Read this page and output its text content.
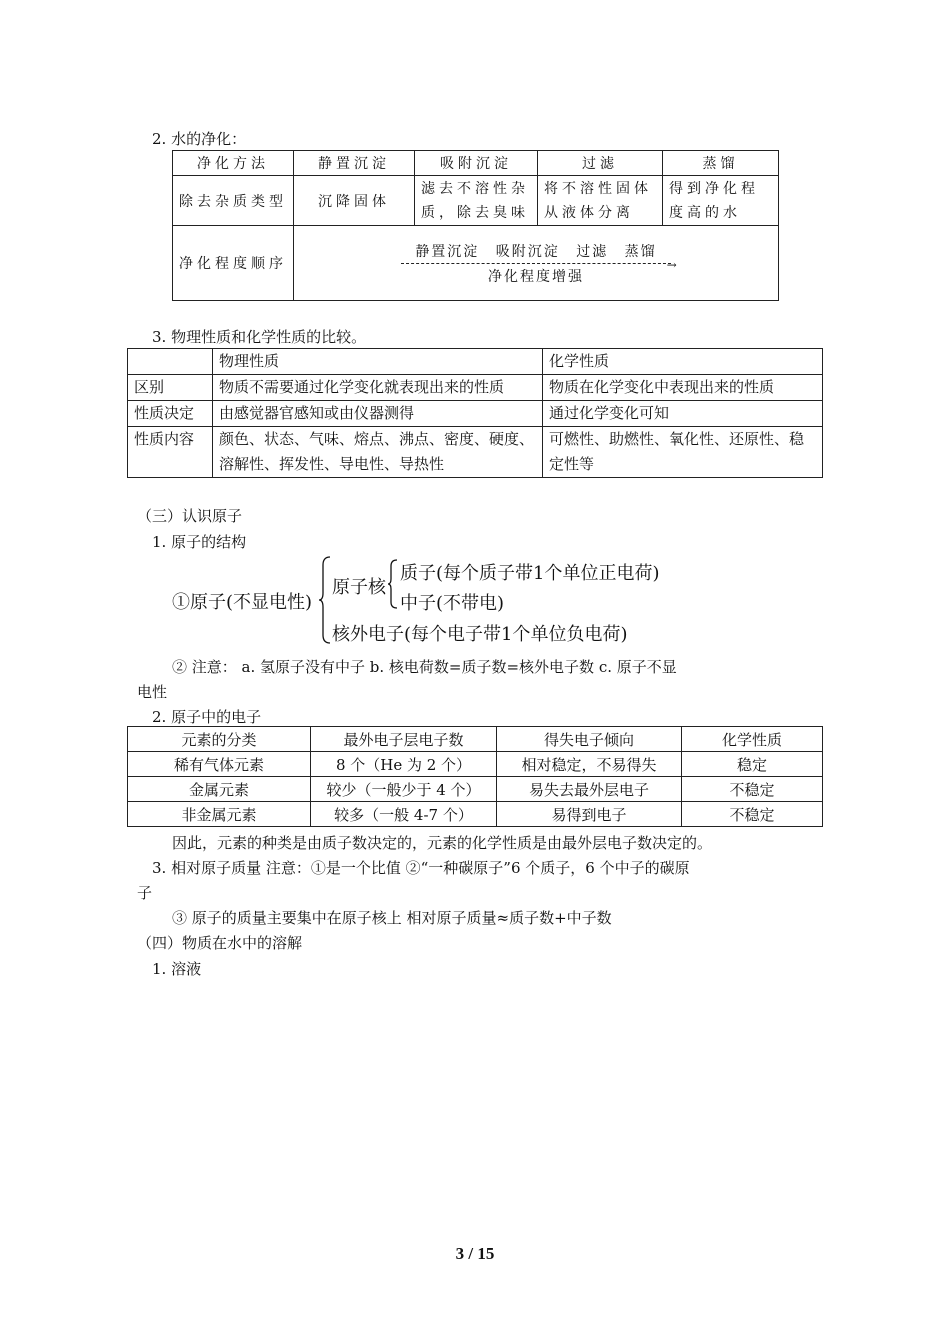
2. 水的净化：
净化方法	静置沉淀	吸附沉淀	过滤	蒸馏
除去杂质类型	沉降固体	滤去不溶性杂质，除去臭味	将不溶性固体从液体分离	得到净化程度高的水
净化程度顺序	静置沉淀 吸附沉淀 过滤 蒸馏
→
净化程度增强			
3. 物理性质和化学性质的比较。
	物理性质	化学性质
区别	物质不需要通过化学变化就表现出来的性质	物质在化学变化中表现出来的性质
性质决定	由感觉器官感知或由仪器测得	通过化学变化可知
性质内容	颜色、状态、气味、熔点、沸点、密度、硬度、溶解性、挥发性、导电性、导热性	可燃性、助燃性、氧化性、还原性、稳定性等
（三）认识原子
1. 原子的结构
①原子(不显电性)
原子核
质子(每个质子带1个单位正电荷)
中子(不带电)
核外电子(每个电子带1个单位负电荷)
② 注意： a. 氢原子没有中子 b. 核电荷数=质子数=核外电子数 c. 原子不显
电性
2. 原子中的电子
元素的分类	最外电子层电子数	得失电子倾向	化学性质
稀有气体元素	8 个（He 为 2 个）	相对稳定，不易得失	稳定
金属元素	较少（一般少于 4 个）	易失去最外层电子	不稳定
非金属元素	较多（一般 4-7 个）	易得到电子	不稳定
因此，元素的种类是由质子数决定的，元素的化学性质是由最外层电子数决定的。
3. 相对原子质量 注意：①是一个比值 ②“一种碳原子”6 个质子，6 个中子的碳原
子
③ 原子的质量主要集中在原子核上 相对原子质量≈质子数+中子数
（四）物质在水中的溶解
1. 溶液
3 / 15
